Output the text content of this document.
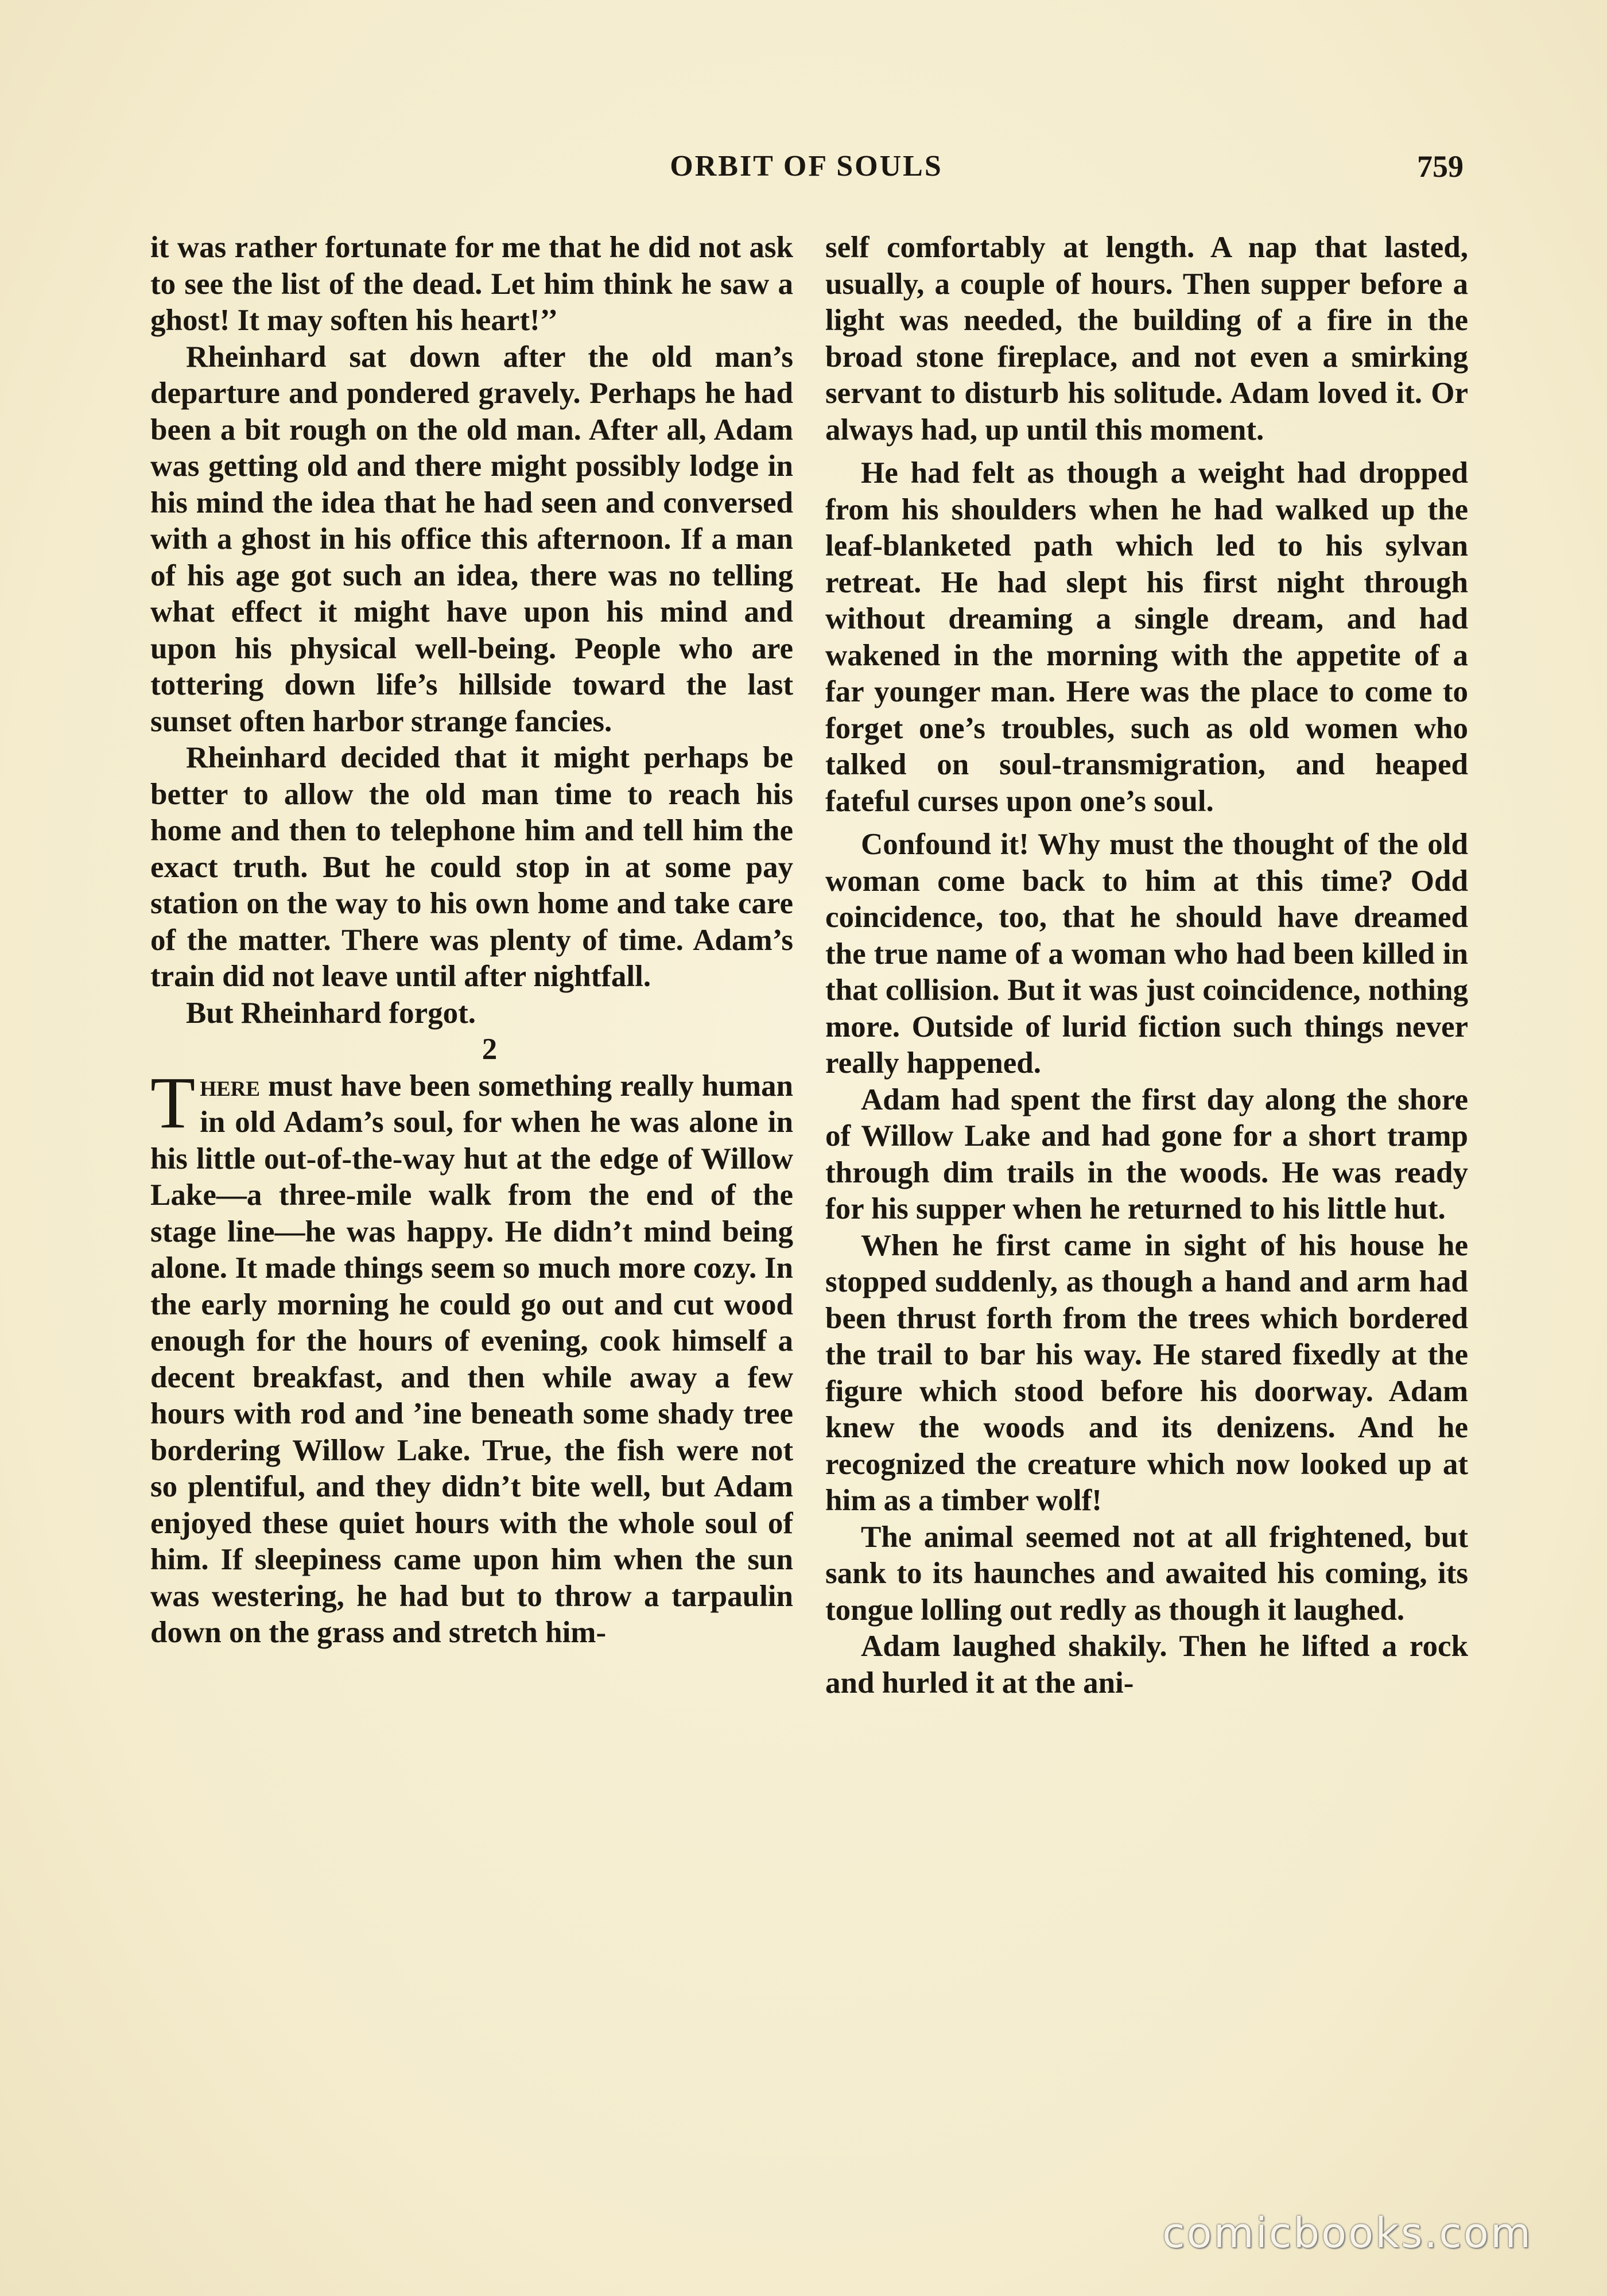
ORBIT OF SOULS	759

it was rather fortunate for me that he did not ask to see the list of the dead. Let him think he saw a ghost! It may soften his heart!’’

Rheinhard sat down after the old man’s departure and pondered gravely. Perhaps he had been a bit rough on the old man. After all, Adam was getting old and there might possibly lodge in his mind the idea that he had seen and conversed with a ghost in his office this afternoon. If a man of his age got such an idea, there was no telling what effect it might have upon his mind and upon his physical well-being. People who are tottering down life’s hillside toward the last sunset often harbor strange fancies.

Rheinhard decided that it might perhaps be better to allow the old man time to reach his home and then to telephone him and tell him the exact truth. But he could stop in at some pay station on the way to his own home and take care of the matter. There was plenty of time. Adam’s train did not leave until after nightfall.

But Rheinhard forgot.

2

There must have been something really human in old Adam’s soul, for when he was alone in his little out-of-the-way hut at the edge of Willow Lake—a three-mile walk from the end of the stage line—he was happy. He didn’t mind being alone. It made things seem so much more cozy. In the early morning he could go out and cut wood enough for the hours of evening, cook himself a decent breakfast, and then while away a few hours with rod and ’ine beneath some shady tree bordering Willow Lake. True, the fish were not so plentiful, and they didn’t bite well, but Adam enjoyed these quiet hours with the whole soul of him. If sleepiness came upon him when the sun was westering, he had but to throw a tarpaulin down on the grass and stretch him-

self comfortably at length. A nap that lasted, usually, a couple of hours. Then supper before a light was needed, the building of a fire in the broad stone fireplace, and not even a smirking servant to disturb his solitude. Adam loved it. Or always had, up until this moment.

He had felt as though a weight had dropped from his shoulders when he had walked up the leaf-blanketed path which led to his sylvan retreat. He had slept his first night through without dreaming a single dream, and had wakened in the morning with the appetite of a far younger man. Here was the place to come to forget one’s troubles, such as old women who talked on soul-transmigration, and heaped fateful curses upon one’s soul.

Confound it! Why must the thought of the old woman come back to him at this time? Odd coincidence, too, that he should have dreamed the true name of a woman who had been killed in that collision. But it was just coincidence, nothing more. Outside of lurid fiction such things never really happened.

Adam had spent the first day along the shore of Willow Lake and had gone for a short tramp through dim trails in the woods. He was ready for his supper when he returned to his little hut.

When he first came in sight of his house he stopped suddenly, as though a hand and arm had been thrust forth from the trees which bordered the trail to bar his way. He stared fixedly at the figure which stood before his doorway. Adam knew the woods and its denizens. And he recognized the creature which now looked up at him as a timber wolf!

The animal seemed not at all frightened, but sank to its haunches and awaited his coming, its tongue lolling out redly as though it laughed.

Adam laughed shakily. Then he lifted a rock and hurled it at the ani-

comicbooks.com
